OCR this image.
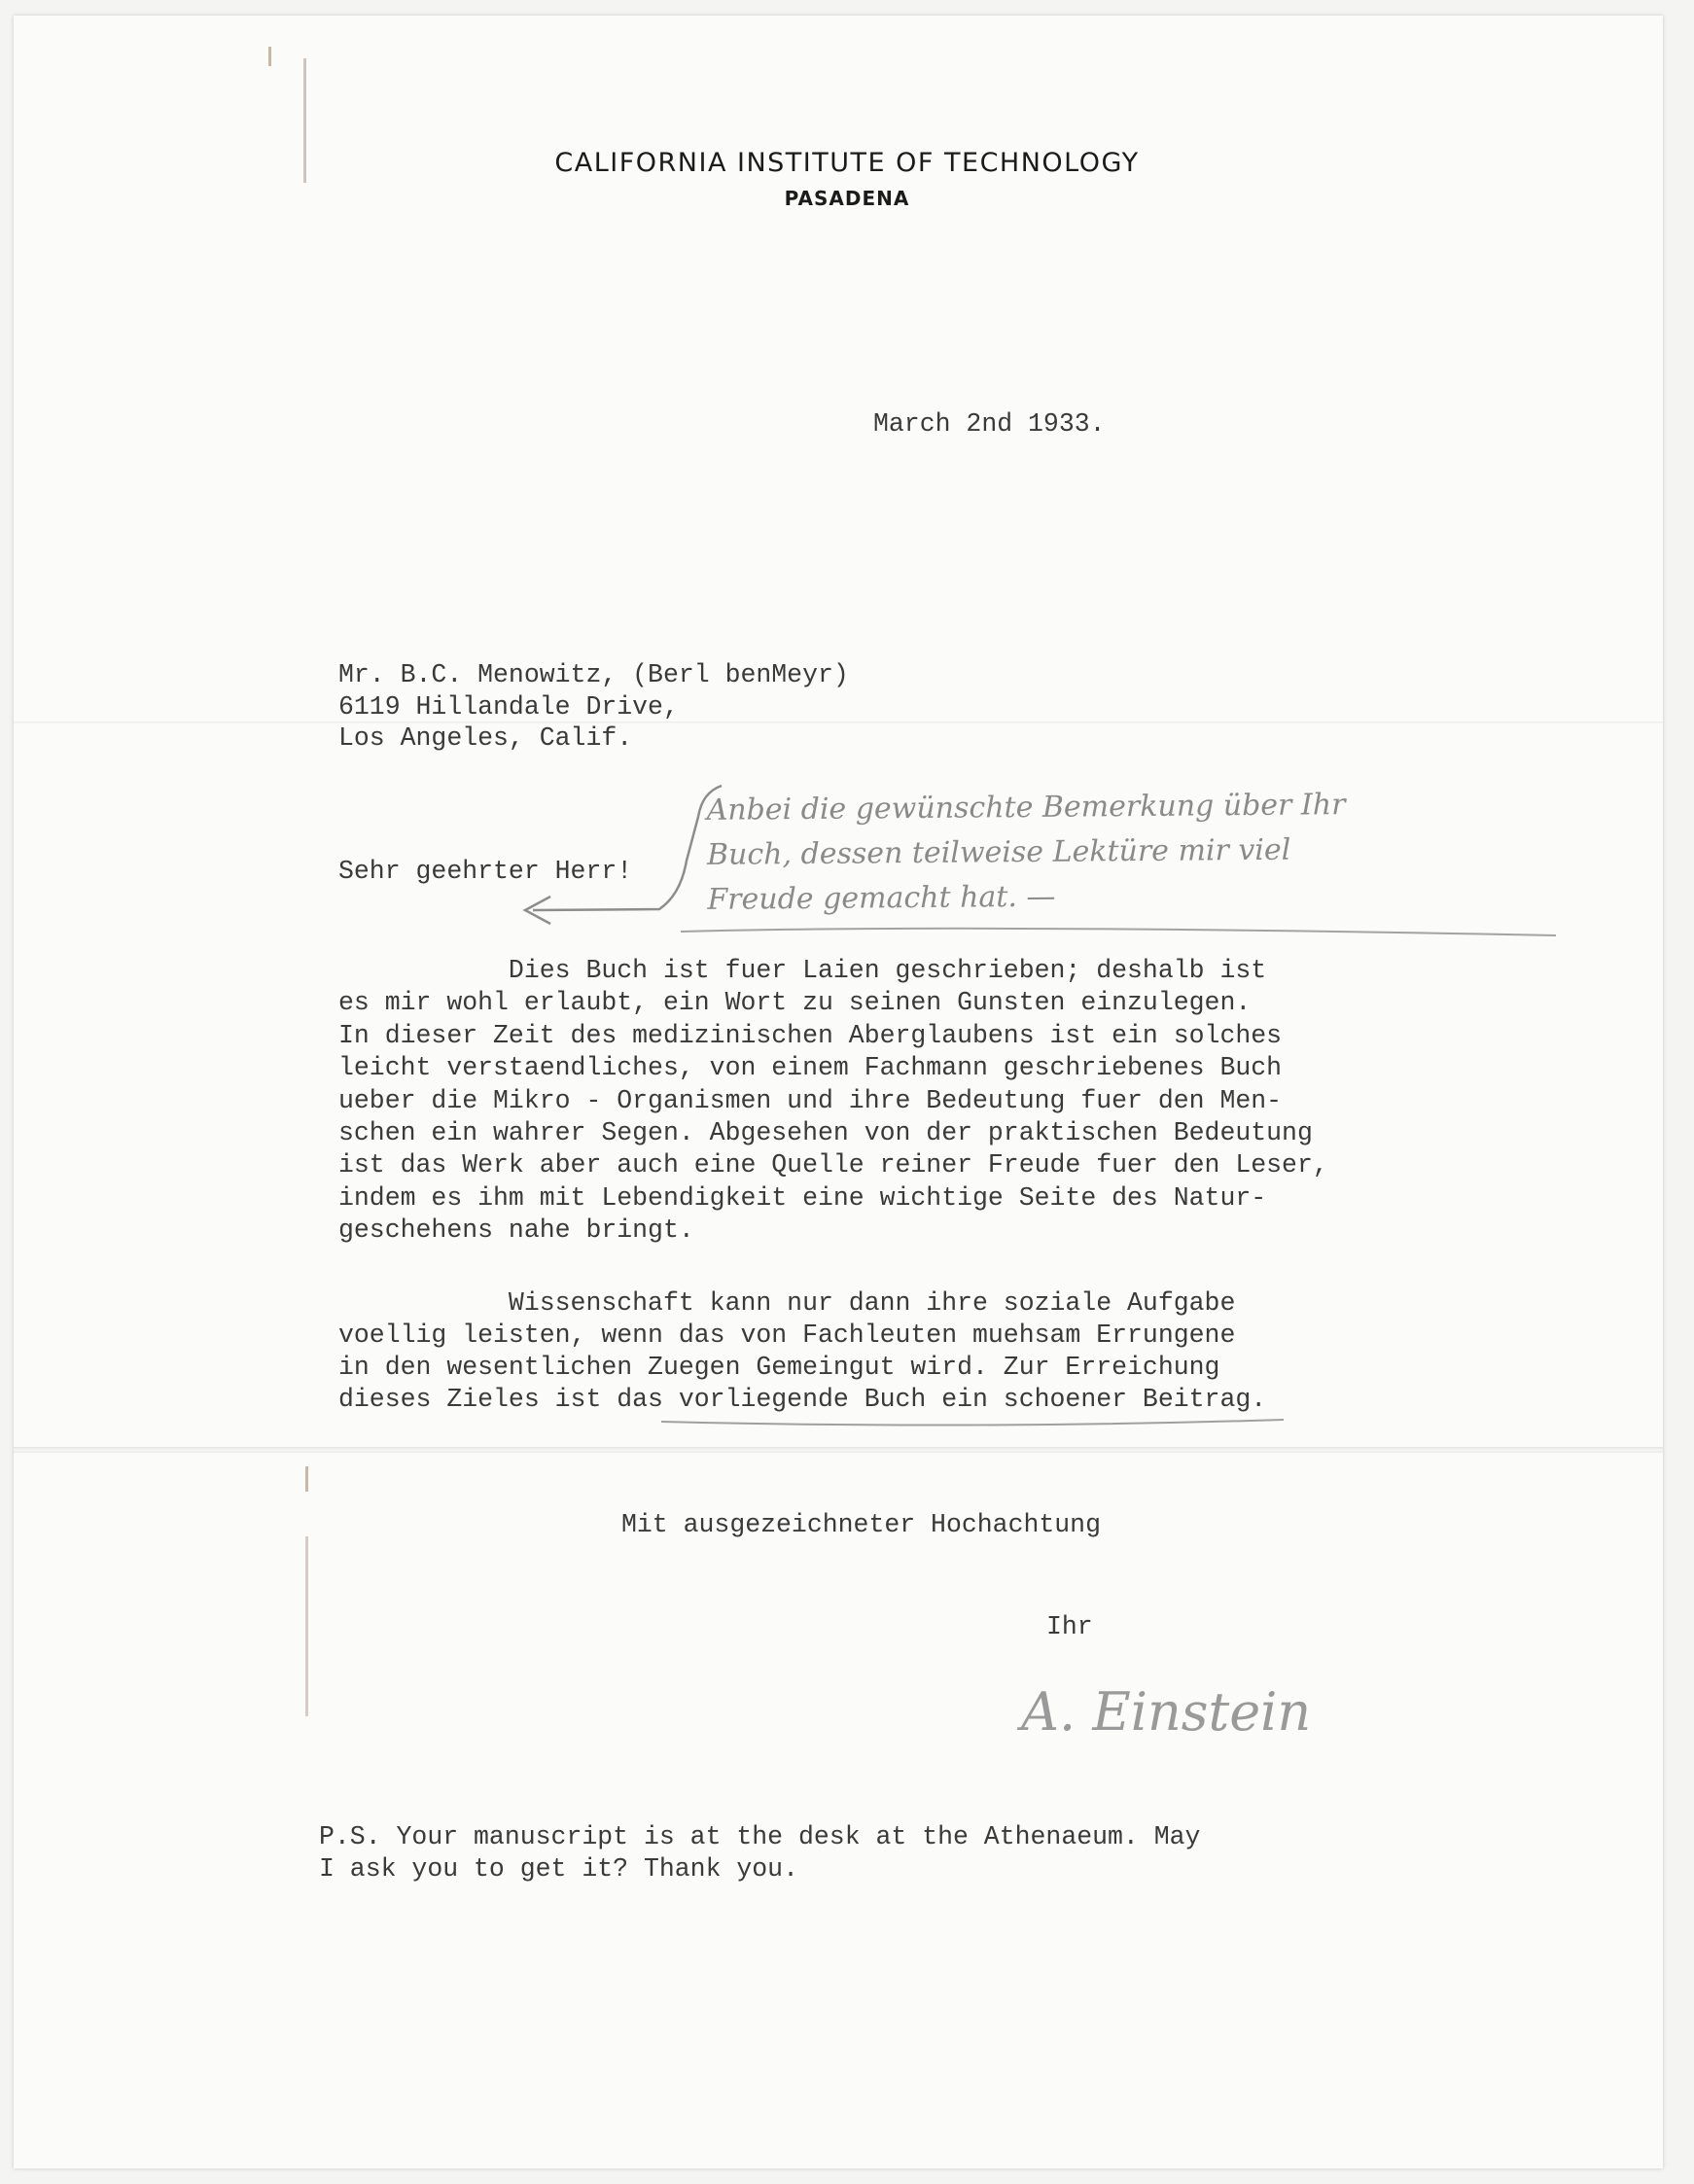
CALIFORNIA INSTITUTE OF TECHNOLOGY
PASADENA
March 2nd 1933.
Mr. B.C. Menowitz, (Berl benMeyr)
6119 Hillandale Drive,
Los Angeles, Calif.
Sehr geehrter Herr!
Anbei die gewünschte Bemerkung über Ihr
Buch, dessen teilweise Lektüre mir viel
Freude gemacht hat. —
Dies Buch ist fuer Laien geschrieben; deshalb ist
es mir wohl erlaubt, ein Wort zu seinen Gunsten einzulegen.
In dieser Zeit des medizinischen Aberglaubens ist ein solches
leicht verstaendliches, von einem Fachmann geschriebenes Buch
ueber die Mikro - Organismen und ihre Bedeutung fuer den Men-
schen ein wahrer Segen. Abgesehen von der praktischen Bedeutung
ist das Werk aber auch eine Quelle reiner Freude fuer den Leser,
indem es ihm mit Lebendigkeit eine wichtige Seite des Natur-
geschehens nahe bringt.
Wissenschaft kann nur dann ihre soziale Aufgabe
voellig leisten, wenn das von Fachleuten muehsam Errungene
in den wesentlichen Zuegen Gemeingut wird. Zur Erreichung
dieses Zieles ist das vorliegende Buch ein schoener Beitrag.
Mit ausgezeichneter Hochachtung
Ihr
A. Einstein
P.S. Your manuscript is at the desk at the Athenaeum. May
I ask you to get it? Thank you.
